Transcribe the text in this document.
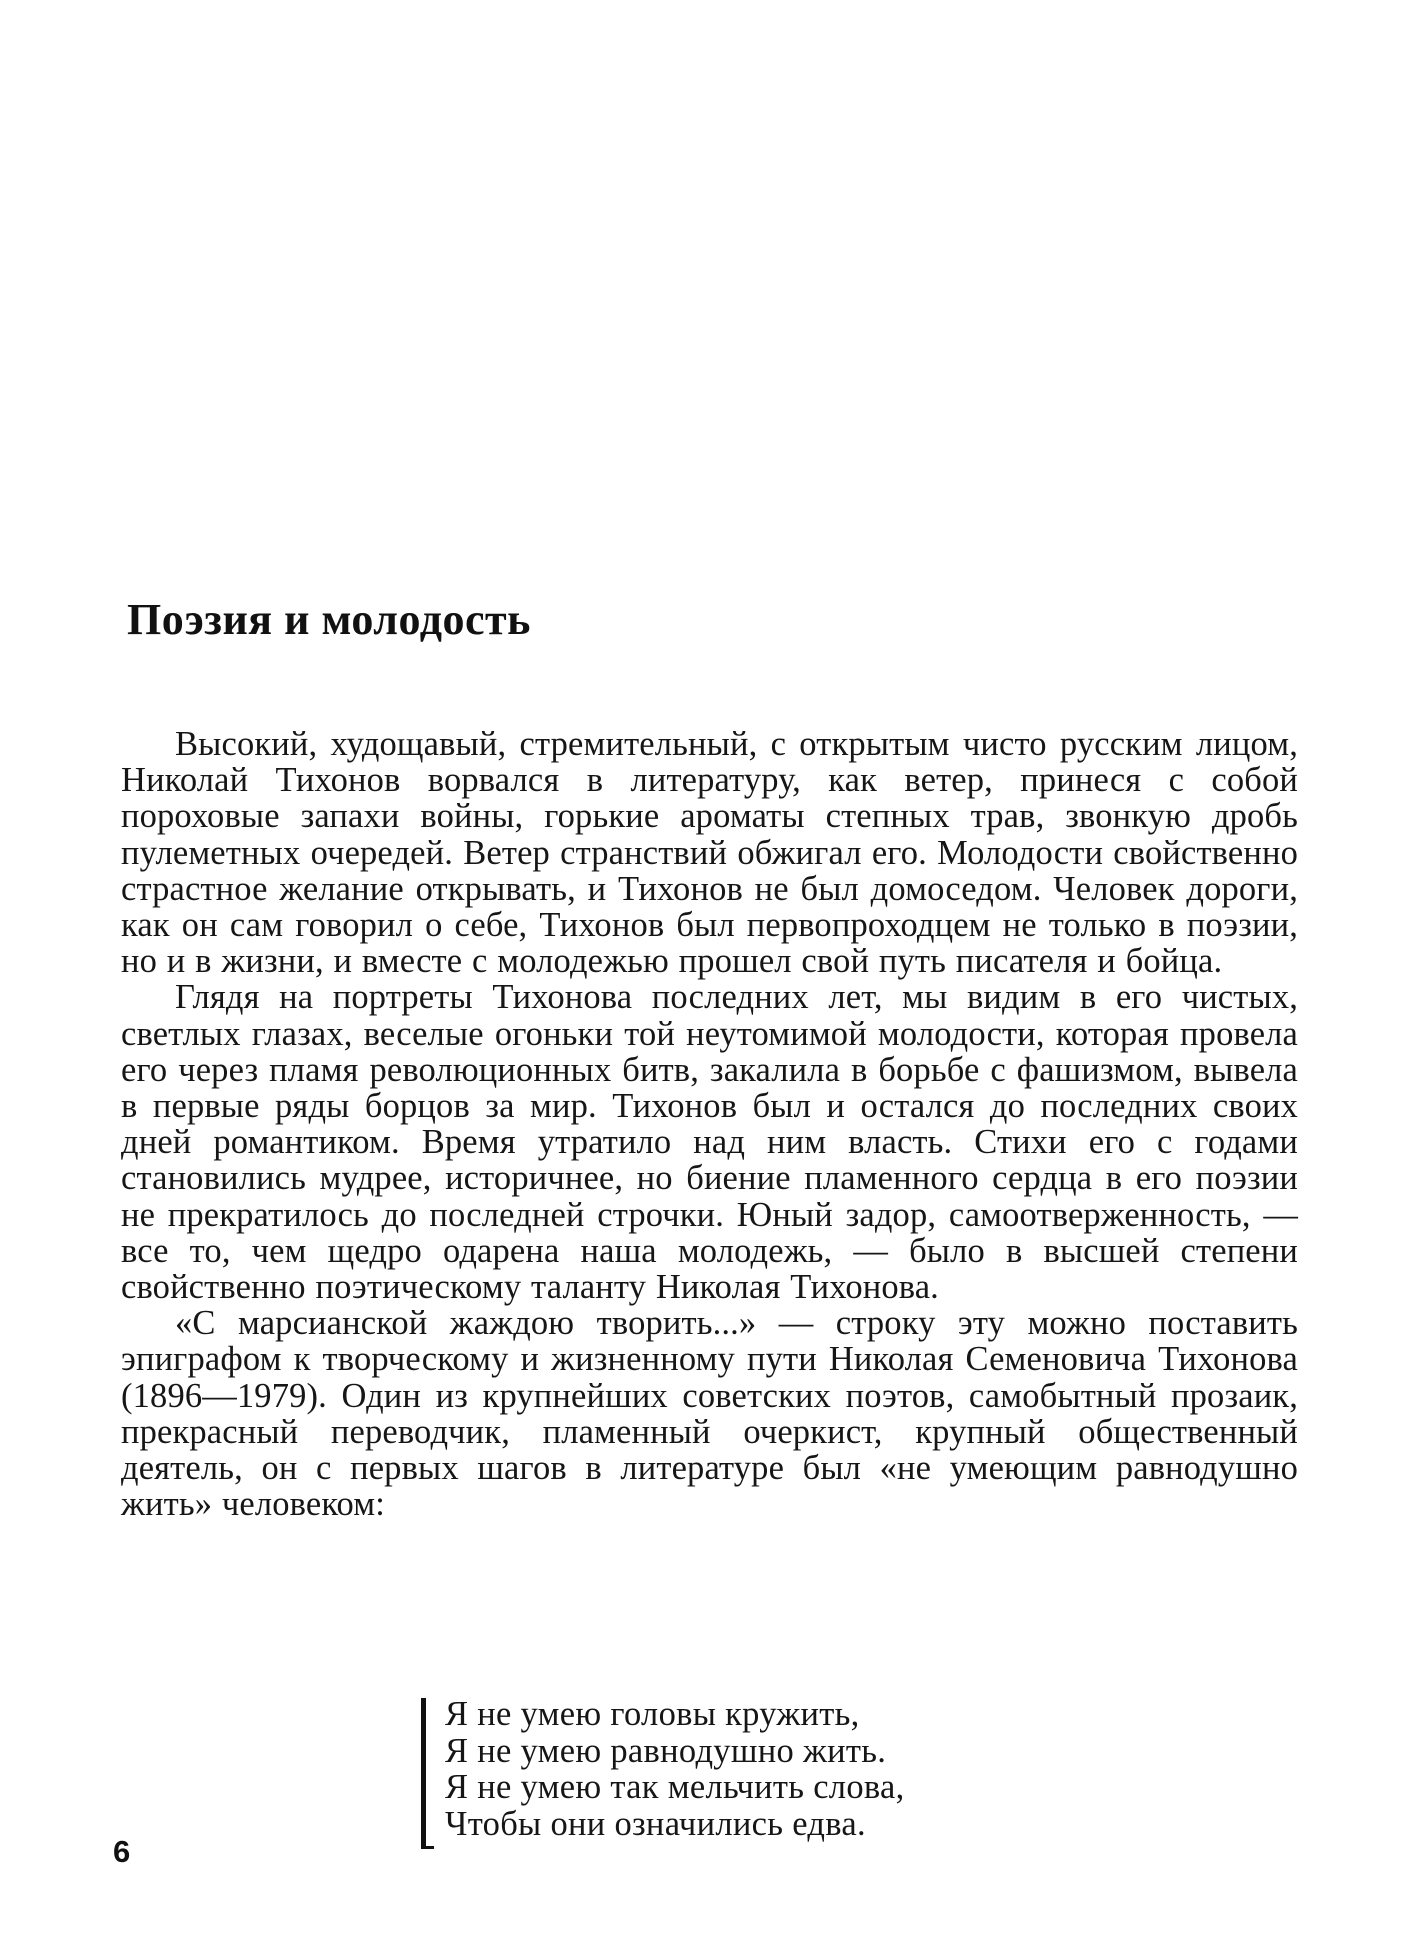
Поэзия и молодость

Высокий, худощавый, стремительный, с открытым чисто русским лицом, Николай Тихонов ворвался в литературу, как ветер, принеся с собой пороховые запахи войны, горькие ароматы степных трав, звонкую дробь пулеметных очередей. Ветер странствий обжигал его. Молодости свойственно страстное желание открывать, и Тихонов не был домоседом. Человек дороги, как он сам говорил о себе, Тихонов был первопроходцем не только в поэзии, но и в жизни, и вместе с молодежью прошел свой путь писателя и бойца.

Глядя на портреты Тихонова последних лет, мы видим в его чистых, светлых глазах, веселые огоньки той неутомимой молодости, которая провела его через пламя революционных битв, закалила в борьбе с фашизмом, вывела в первые ряды борцов за мир. Тихонов был и остался до последних своих дней романтиком. Время утратило над ним власть. Стихи его с годами становились мудрее, историчнее, но биение пламенного сердца в его поэзии не прекратилось до последней строчки. Юный задор, самоотверженность, — все то, чем щедро одарена наша молодежь, — было в высшей степени свойственно поэтическому таланту Николая Тихонова.

«С марсианской жаждою творить...» — строку эту можно поставить эпиграфом к творческому и жизненному пути Николая Семеновича Тихонова (1896—1979). Один из крупнейших советских поэтов, самобытный прозаик, прекрасный переводчик, пламенный очеркист, крупный общественный деятель, он с первых шагов в литературе был «не умеющим равнодушно жить» человеком:

Я не умею головы кружить,
Я не умею равнодушно жить.
Я не умею так мельчить слова,
Чтобы они означились едва.
6
